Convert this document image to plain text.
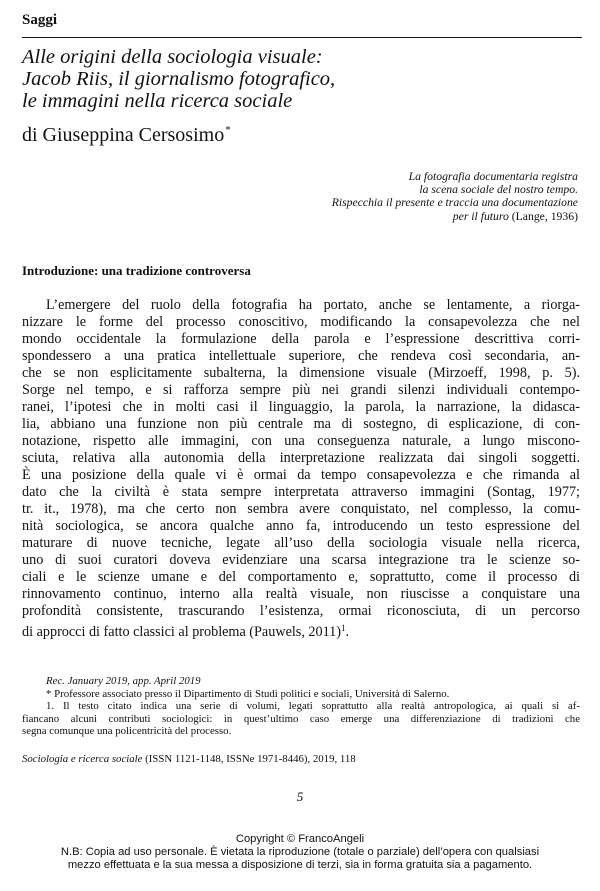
Saggi
Alle origini della sociologia visuale:
Jacob Riis, il giornalismo fotografico,
le immagini nella ricerca sociale
di Giuseppina Cersosimo*
La fotografia documentaria registra
la scena sociale del nostro tempo.
Rispecchia il presente e traccia una documentazione
per il futuro (Lange, 1936)
Introduzione: una tradizione controversa
L’emergere del ruolo della fotografia ha portato, anche se lentamente, a riorga-
nizzare le forme del processo conoscitivo, modificando la consapevolezza che nel
mondo occidentale la formulazione della parola e l’espressione descrittiva corri-
spondessero a una pratica intellettuale superiore, che rendeva così secondaria, an-
che se non esplicitamente subalterna, la dimensione visuale (Mirzoeff, 1998, p. 5).
Sorge nel tempo, e si rafforza sempre più nei grandi silenzi individuali contempo-
ranei, l’ipotesi che in molti casi il linguaggio, la parola, la narrazione, la didasca-
lia, abbiano una funzione non più centrale ma di sostegno, di esplicazione, di con-
notazione, rispetto alle immagini, con una conseguenza naturale, a lungo miscono-
sciuta, relativa alla autonomia della interpretazione realizzata dai singoli soggetti.
È una posizione della quale vi è ormai da tempo consapevolezza e che rimanda al
dato che la civiltà è stata sempre interpretata attraverso immagini (Sontag, 1977;
tr. it., 1978), ma che certo non sembra avere conquistato, nel complesso, la comu-
nità sociologica, se ancora qualche anno fa, introducendo un testo espressione del
maturare di nuove tecniche, legate all’uso della sociologia visuale nella ricerca,
uno di suoi curatori doveva evidenziare una scarsa integrazione tra le scienze so-
ciali e le scienze umane e del comportamento e, soprattutto, come il processo di
rinnovamento continuo, interno alla realtà visuale, non riuscisse a conquistare una
profondità consistente, trascurando l’esistenza, ormai riconosciuta, di un percorso
di approcci di fatto classici al problema (Pauwels, 2011)$^1$.
Rec. January 2019, app. April 2019
* Professore associato presso il Dipartimento di Studi politici e sociali, Università di Salerno.
1. Il testo citato indica una serie di volumi, legati soprattutto alla realtà antropologica, ai quali si af-
fiancano alcuni contributi sociologici: in quest’ultimo caso emerge una differenziazione di tradizioni che
segna comunque una policentricità del processo.
Sociologia e ricerca sociale (ISSN 1121-1148, ISSNe 1971-8446), 2019, 118
5
Copyright © FrancoAngeli
N.B: Copia ad uso personale. È vietata la riproduzione (totale o parziale) dell’opera con qualsiasi
mezzo effettuata e la sua messa a disposizione di terzi, sia in forma gratuita sia a pagamento.
